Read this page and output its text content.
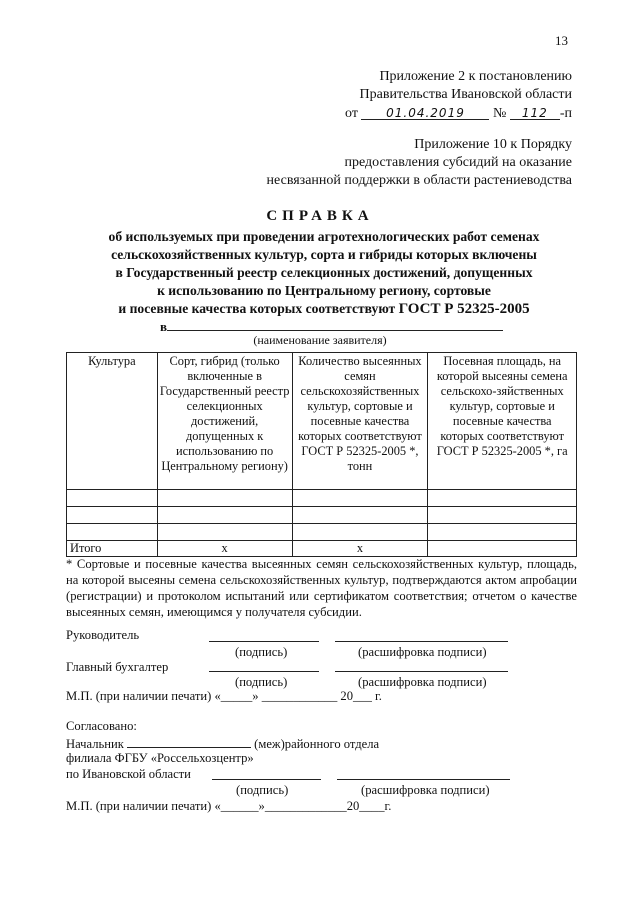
13
Приложение 2 к постановлению
Правительства Ивановской области
от 01.04.2019 № 112 -п
Приложение 10 к Порядку
предоставления субсидий на оказание
несвязанной поддержки в области растениеводства
СПРАВКА
об используемых при проведении агротехнологических работ семенах
сельскохозяйственных культур, сорта и гибриды которых включены
в Государственный реестр селекционных достижений, допущенных
к использованию по Центральному региону, сортовые
и посевные качества которых соответствуют ГОСТ Р 52325-2005
в
(наименование заявителя)
Культура	Сорт, гибрид (только включенные в Государственный реестр селекционных достижений, допущенных к использованию по Центральному региону)	Количество высеянных семян сельскохозяйственных культур, сортовые и посевные качества которых соответствуют ГОСТ Р 52325-2005 *, тонн	Посевная площадь, на которой высеяны семена сельскохо-зяйственных культур, сортовые и посевные качества которых соответствуют ГОСТ Р 52325-2005 *, га

Итого	x	x	
* Сортовые и посевные качества высеянных семян сельскохозяйственных культур, площадь, на которой высеяны семена сельскохозяйственных культур, подтверждаются актом апробации (регистрации) и протоколом испытаний или сертификатом соответствия; отчетом о качестве высеянных семян, имеющимся у получателя субсидии.
Руководитель
(подпись)	(расшифровка подписи)
Главный бухгалтер
(подпись)	(расшифровка подписи)
М.П. (при наличии печати) «_____» ____________ 20___ г.
Согласовано:
Начальник	(меж)районного отдела
филиала ФГБУ «Россельхозцентр»
по Ивановской области
(подпись)	(расшифровка подписи)
М.П. (при наличии печати) «______»_____________20____г.
